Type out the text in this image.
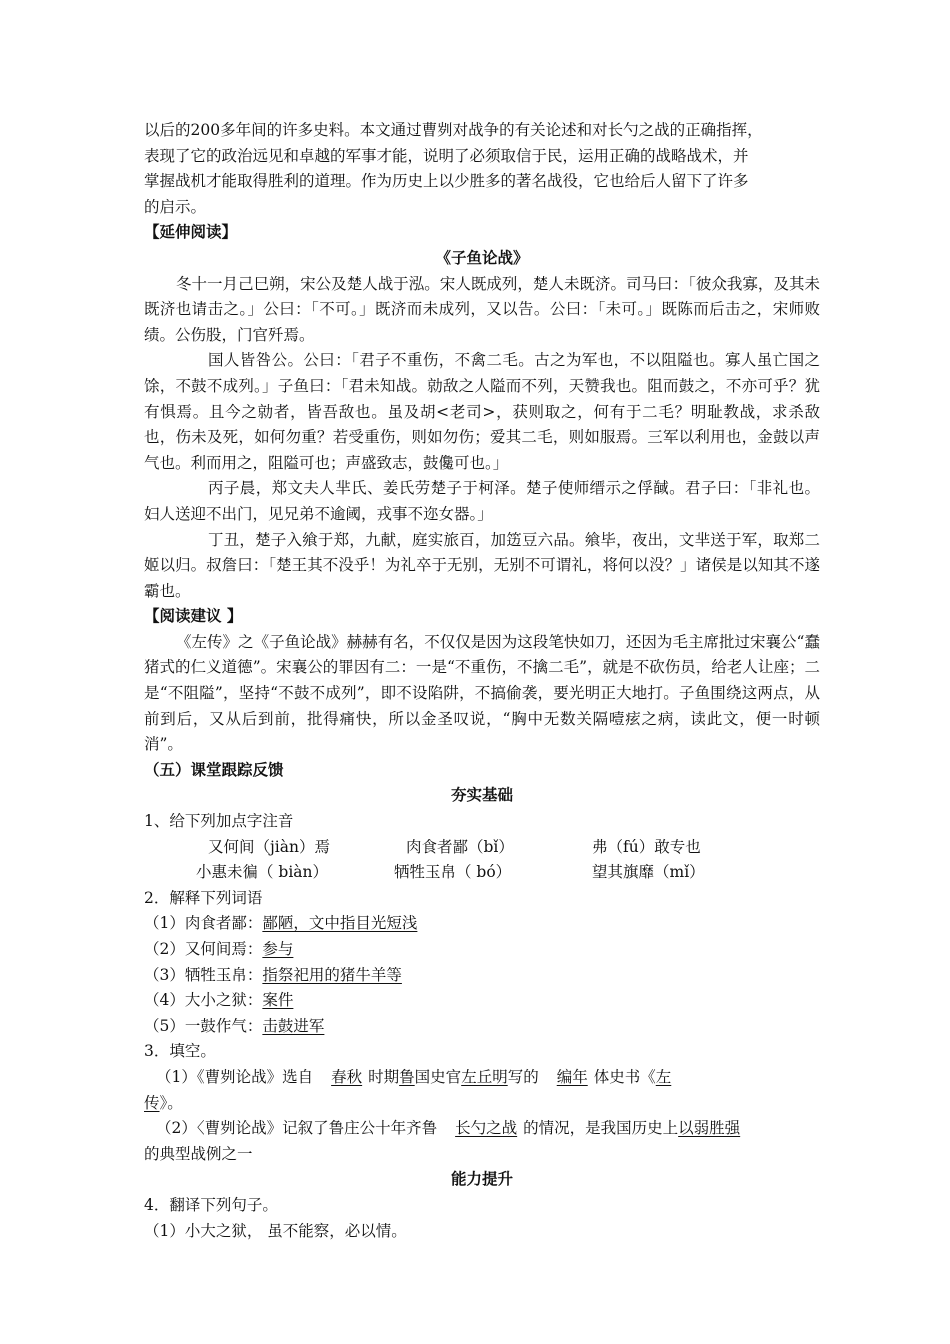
以后的200多年间的许多史料。本文通过曹刿对战争的有关论述和对长勺之战的正确指挥，

表现了它的政治远见和卓越的军事才能，说明了必须取信于民，运用正确的战略战术，并

掌握战机才能取得胜利的道理。作为历史上以少胜多的著名战役，它也给后人留下了许多

的启示。

【延伸阅读】

《子鱼论战》

冬十一月己巳朔，宋公及楚人战于泓。宋人既成列，楚人未既济。司马曰：「彼众我寡，及其未既济也请击之。」公曰：「不可。」既济而未成列，又以告。公曰：「未可。」既陈而后击之，宋师败绩。公伤股，门官歼焉。

国人皆咎公。公曰：「君子不重伤，不禽二毛。古之为军也，不以阻隘也。寡人虽亡国之馀，不鼓不成列。」子鱼曰：「君未知战。勍敌之人隘而不列，天赞我也。阻而鼓之，不亦可乎？犹有惧焉。且今之勍者，皆吾敌也。虽及胡<老司>，获则取之，何有于二毛？明耻教战，求杀敌也，伤未及死，如何勿重？若受重伤，则如勿伤；爱其二毛，则如服焉。三军以利用也，金鼓以声气也。利而用之，阻隘可也；声盛致志，鼓儳可也。」

丙子晨，郑文夫人芈氏、姜氏劳楚子于柯泽。楚子使师缙示之俘馘。君子曰：「非礼也。妇人送迎不出门，见兄弟不逾阈，戎事不迩女器。」

丁丑，楚子入飨于郑，九献，庭实旅百，加笾豆六品。飨毕，夜出，文芈送于军，取郑二姬以归。叔詹曰：「楚王其不没乎！为礼卒于无别，无别不可谓礼，将何以没？」诸侯是以知其不遂霸也。

【阅读建议 】

《左传》之《子鱼论战》赫赫有名，不仅仅是因为这段笔快如刀，还因为毛主席批过宋襄公“蠢猪式的仁义道德”。宋襄公的罪因有二：一是“不重伤，不擒二毛”，就是不砍伤员，给老人让座；二是“不阻隘”，坚持“不鼓不成列”，即不设陷阱，不搞偷袭，要光明正大地打。子鱼围绕这两点，从前到后，又从后到前，批得痛快，所以金圣叹说，“胸中无数关隔噎痃之病，读此文，便一时顿消”。

（五）课堂跟踪反馈

夯实基础

1、给下列加点字注音

又何间（jiàn）焉	肉食者鄙（bǐ）	弗（fú）敢专也
小惠未徧（ biàn）	牺牲玉帛（ bó）	望其旗靡（mǐ）

2．解释下列词语

（1）肉食者鄙：鄙陋，文中指目光短浅

（2）又何间焉：参与

（3）牺牲玉帛：指祭祀用的猪牛羊等

（4）大小之狱：案件

（5）一鼓作气：击鼓进军

3．填空。

（1）《曹刿论战》选自 春秋 时期鲁国史官左丘明写的 编年 体史书《左

传》。

（2）〈曹刿论战》记叙了鲁庄公十年齐鲁 长勺之战 的情况，是我国历史上以弱胜强

的典型战例之一

能力提升

4．翻译下列句子。

（1）小大之狱， 虽不能察，必以情。
